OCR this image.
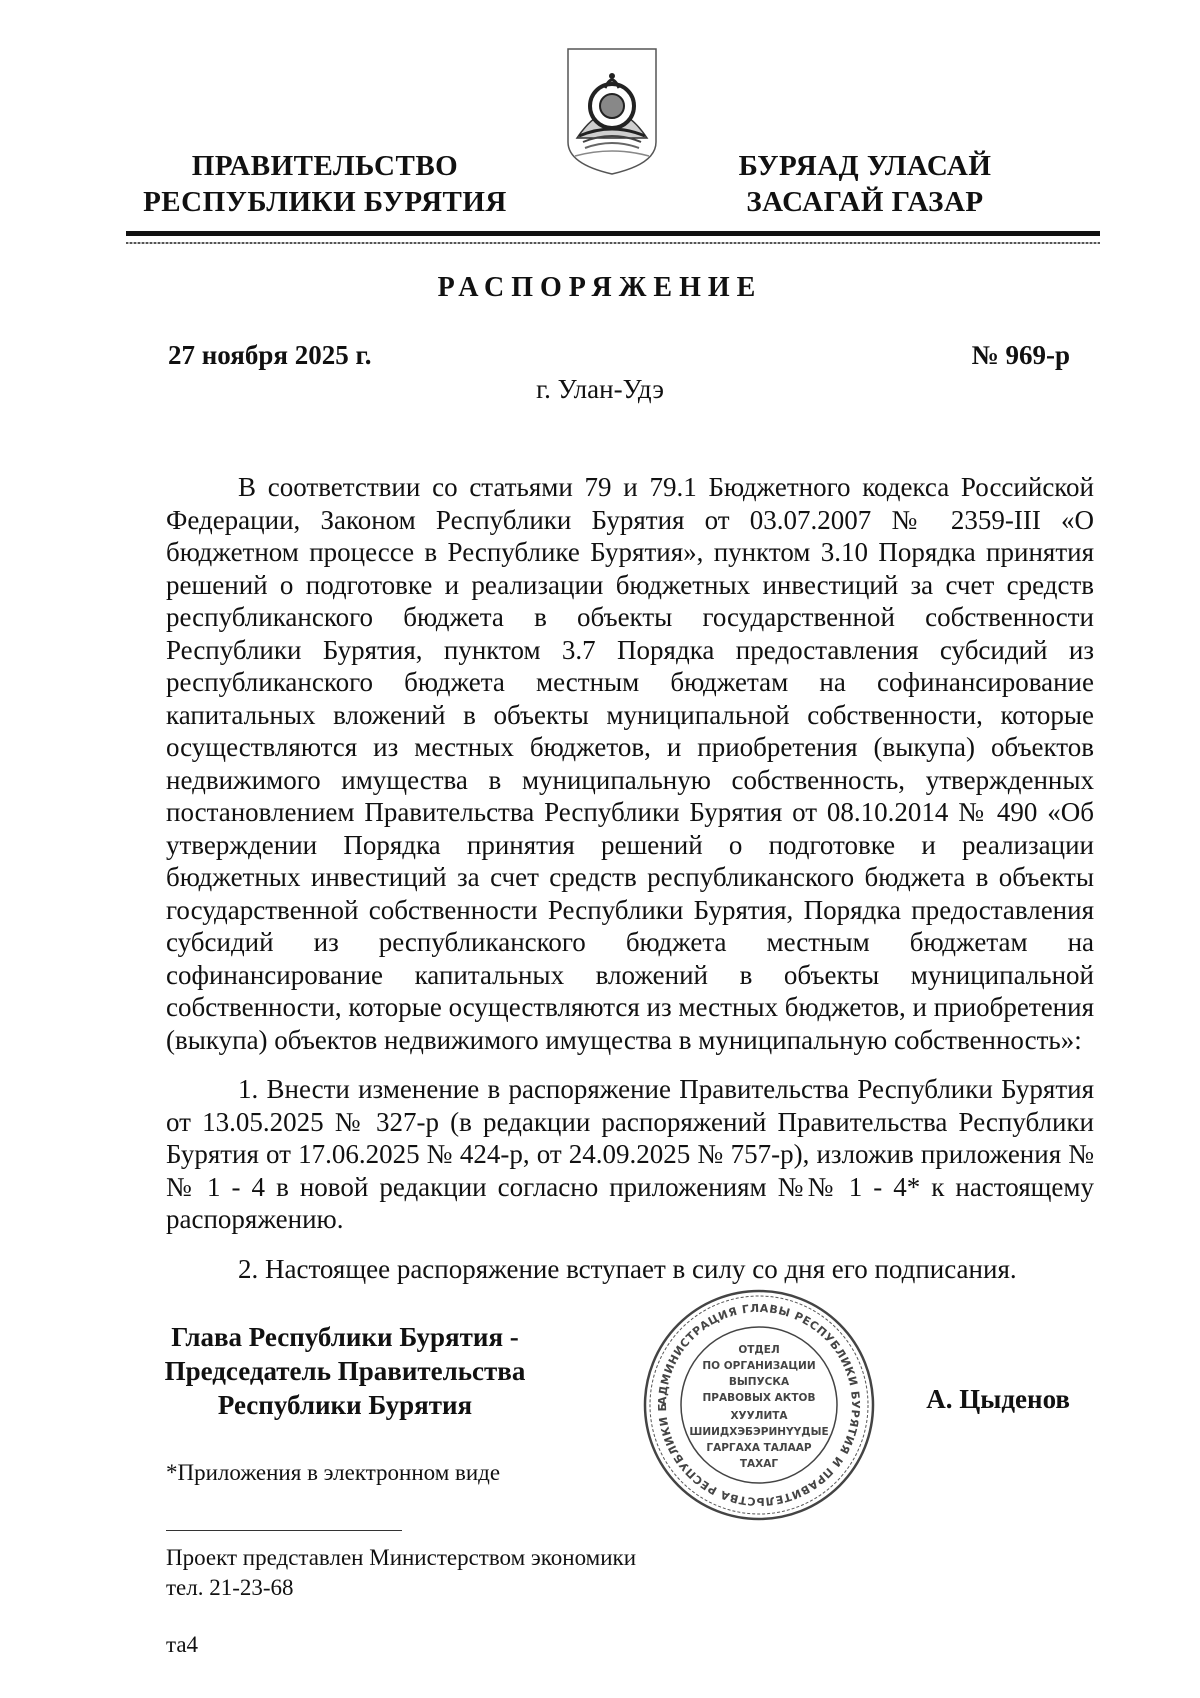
ПРАВИТЕЛЬСТВО
РЕСПУБЛИКИ БУРЯТИЯ
БУРЯАД УЛАСАЙ
ЗАСАГАЙ ГАЗАР
РАСПОРЯЖЕНИЕ
27 ноября 2025 г.	№ 969-р
г. Улан-Удэ
В соответствии со статьями 79 и 79.1 Бюджетного кодекса Российской Федерации, Законом Республики Бурятия от 03.07.2007 № 2359-III «О бюджетном процессе в Республике Бурятия», пунктом 3.10 Порядка принятия решений о подготовке и реализации бюджетных инвестиций за счет средств республиканского бюджета в объекты государственной собственности Республики Бурятия, пунктом 3.7 Порядка предоставления субсидий из республиканского бюджета местным бюджетам на софинансирование капитальных вложений в объекты муниципальной собственности, которые осуществляются из местных бюджетов, и приобретения (выкупа) объектов недвижимого имущества в муниципальную собственность, утвержденных постановлением Правительства Республики Бурятия от 08.10.2014 № 490 «Об утверждении Порядка принятия решений о подготовке и реализации бюджетных инвестиций за счет средств республиканского бюджета в объекты государственной собственности Республики Бурятия, Порядка предоставления субсидий из республиканского бюджета местным бюджетам на софинансирование капитальных вложений в объекты муниципальной собственности, которые осуществляются из местных бюджетов, и приобретения (выкупа) объектов недвижимого имущества в муниципальную собственность»:
1. Внести изменение в распоряжение Правительства Республики Бурятия от 13.05.2025 № 327-р (в редакции распоряжений Правительства Республики Бурятия от 17.06.2025 № 424-р, от 24.09.2025 № 757-р), изложив приложения №№ 1 - 4 в новой редакции согласно приложениям №№ 1 - 4* к настоящему распоряжению.
2. Настоящее распоряжение вступает в силу со дня его подписания.
Глава Республики Бурятия -
Председатель Правительства
Республики Бурятия	А. Цыденов
АДМИНИСТРАЦИЯ ГЛАВЫ РЕСПУБЛИКИ БУРЯТИЯ И ПРАВИТЕЛЬСТВА РЕСПУБЛИКИ Б
ОТДЕЛ
ПО ОРГАНИЗАЦИИ
ВЫПУСКА
ПРАВОВЫХ АКТОВ
ХУУЛИТА
ШИИДХЭБЭРИНҮҮДЫЕ
ГАРГАХА ТАЛААР
ТАХАГ
*Приложения в электронном виде
Проект представлен Министерством экономики
тел. 21-23-68
та4
